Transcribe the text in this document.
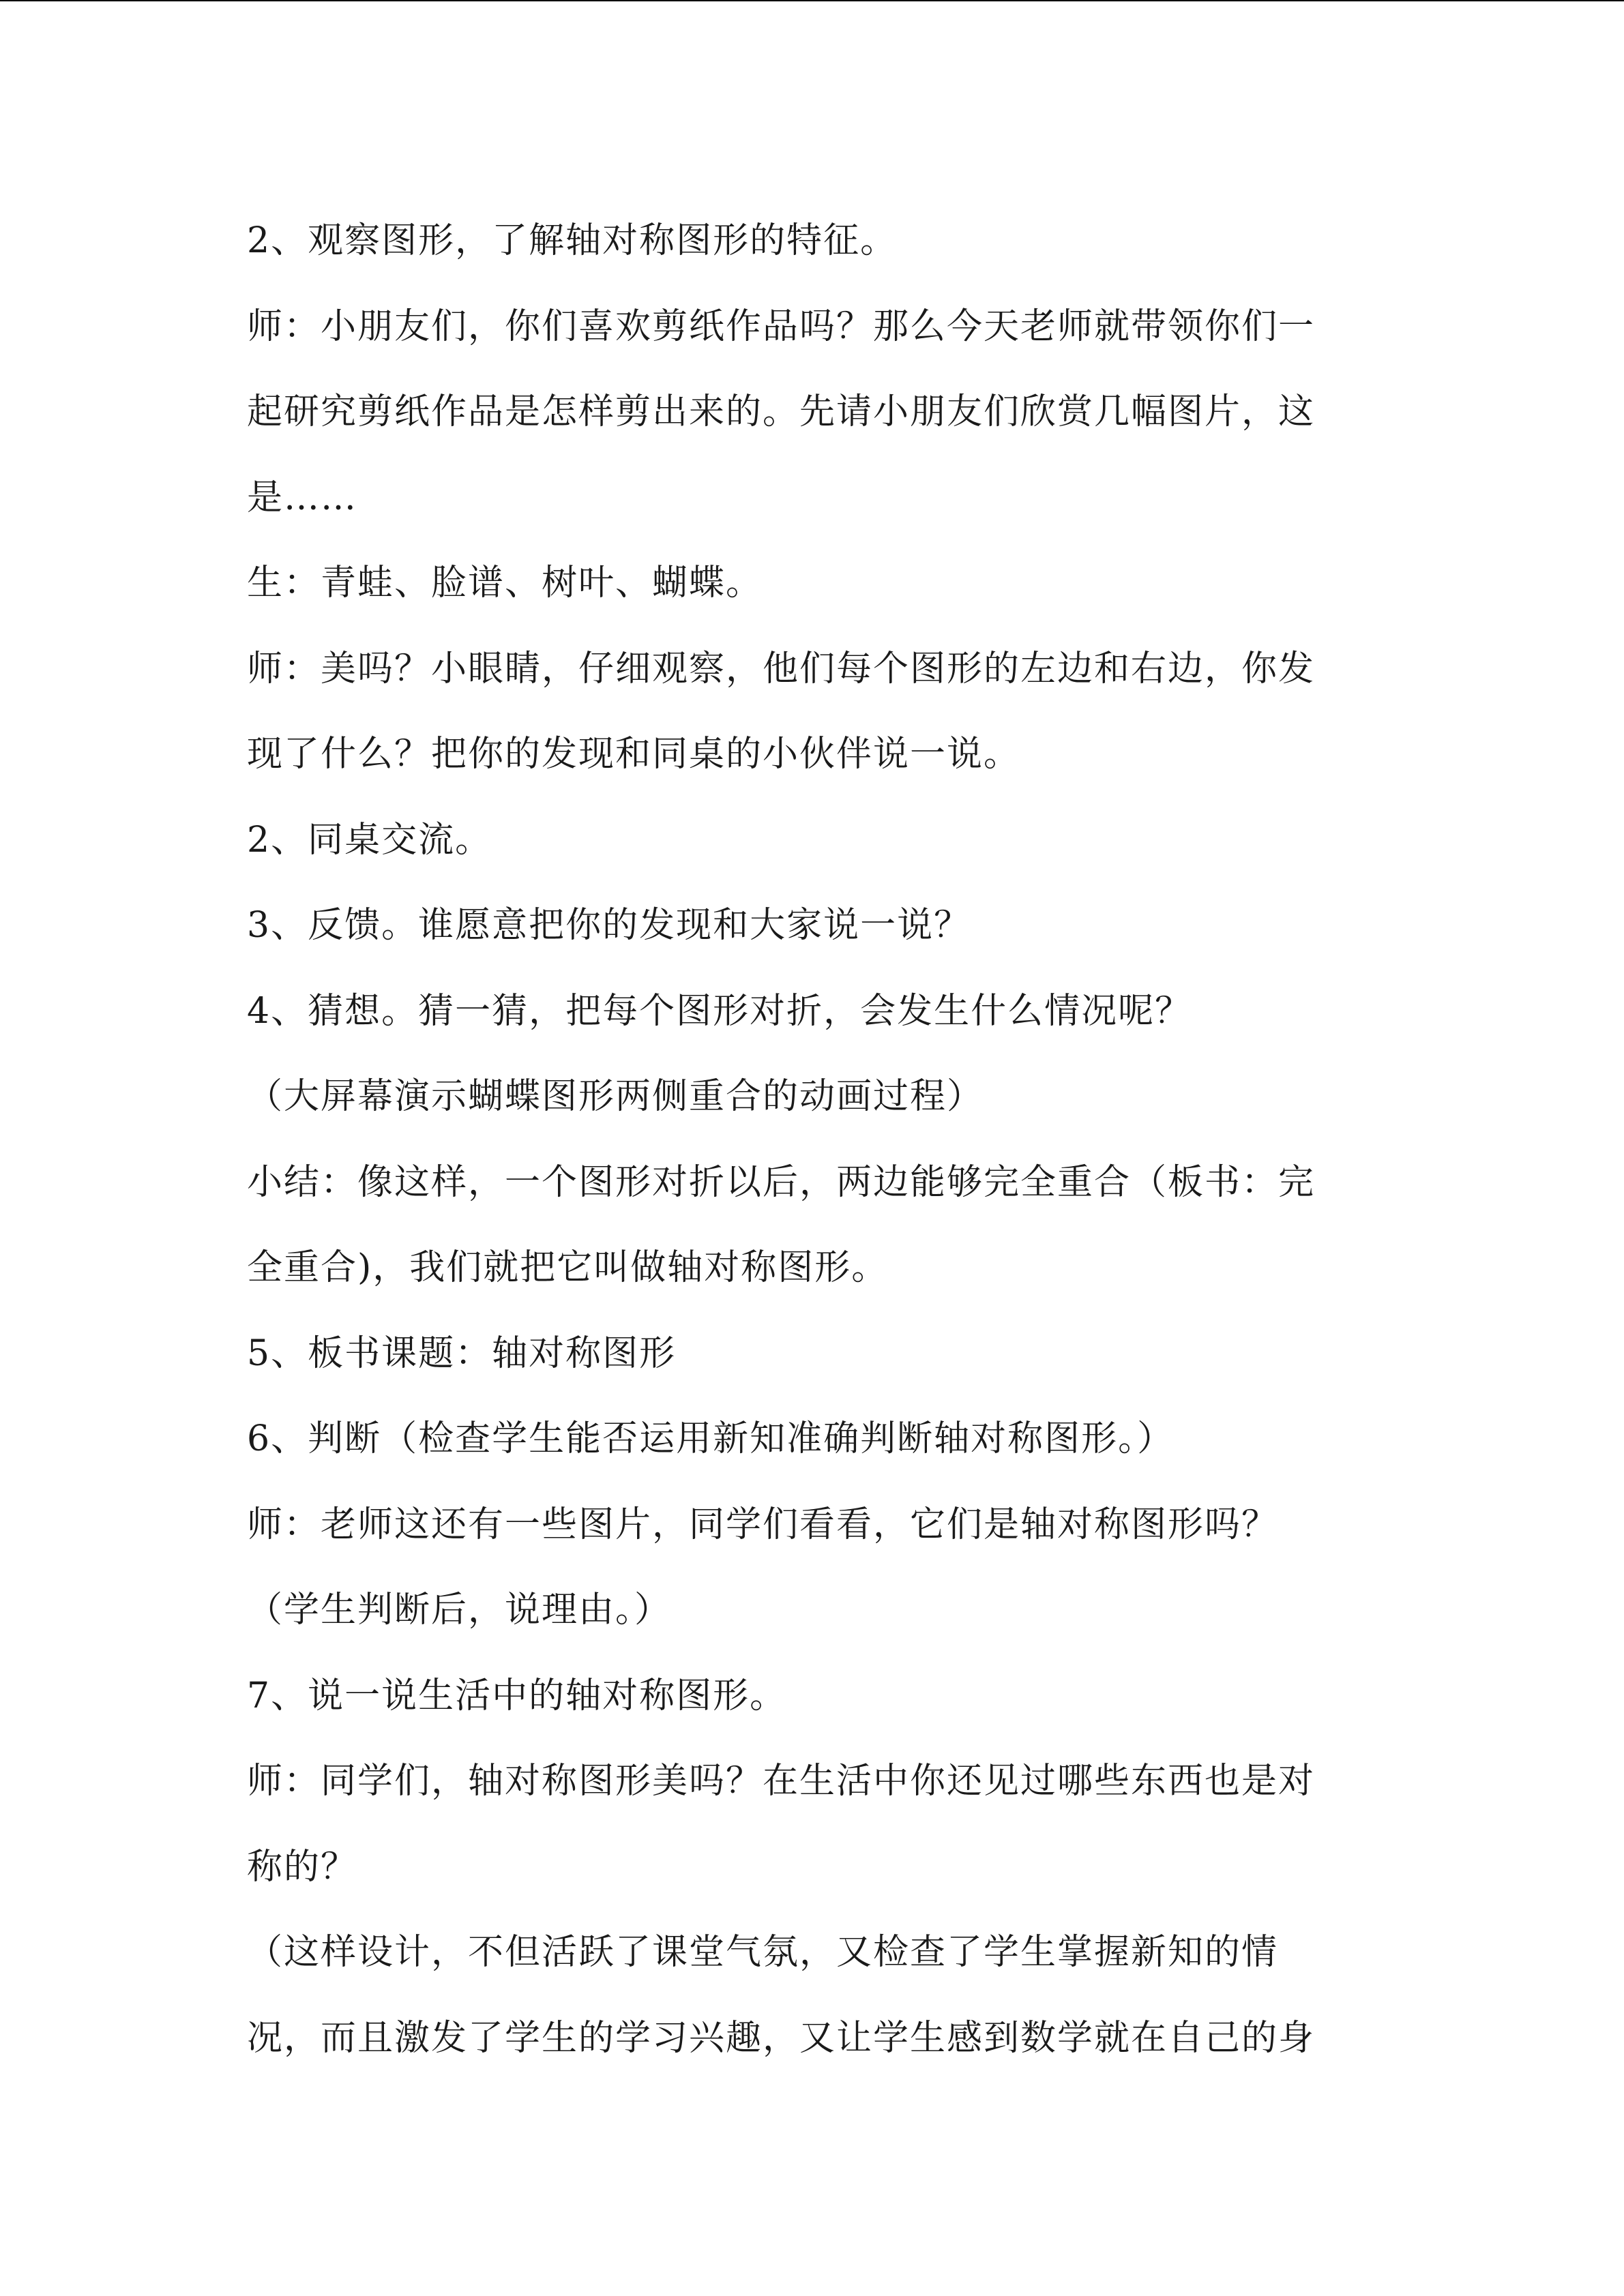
2、观察图形，了解轴对称图形的特征。
师：小朋友们，你们喜欢剪纸作品吗？那么今天老师就带领你们一
起研究剪纸作品是怎样剪出来的。先请小朋友们欣赏几幅图片，这
是……
生：青蛙、脸谱、树叶、蝴蝶。
师：美吗？小眼睛，仔细观察，他们每个图形的左边和右边，你发
现了什么？把你的发现和同桌的小伙伴说一说。
2、同桌交流。
3、反馈。谁愿意把你的发现和大家说一说？
4、猜想。猜一猜，把每个图形对折，会发生什么情况呢？
（大屏幕演示蝴蝶图形两侧重合的动画过程）
小结：像这样，一个图形对折以后，两边能够完全重合（板书：完
全重合)，我们就把它叫做轴对称图形。
5、板书课题：轴对称图形
6、判断（检查学生能否运用新知准确判断轴对称图形。）
师：老师这还有一些图片，同学们看看，它们是轴对称图形吗？
（学生判断后，说理由。）
7、说一说生活中的轴对称图形。
师：同学们，轴对称图形美吗？在生活中你还见过哪些东西也是对
称的？
（这样设计，不但活跃了课堂气氛，又检查了学生掌握新知的情
况，而且激发了学生的学习兴趣，又让学生感到数学就在自己的身
